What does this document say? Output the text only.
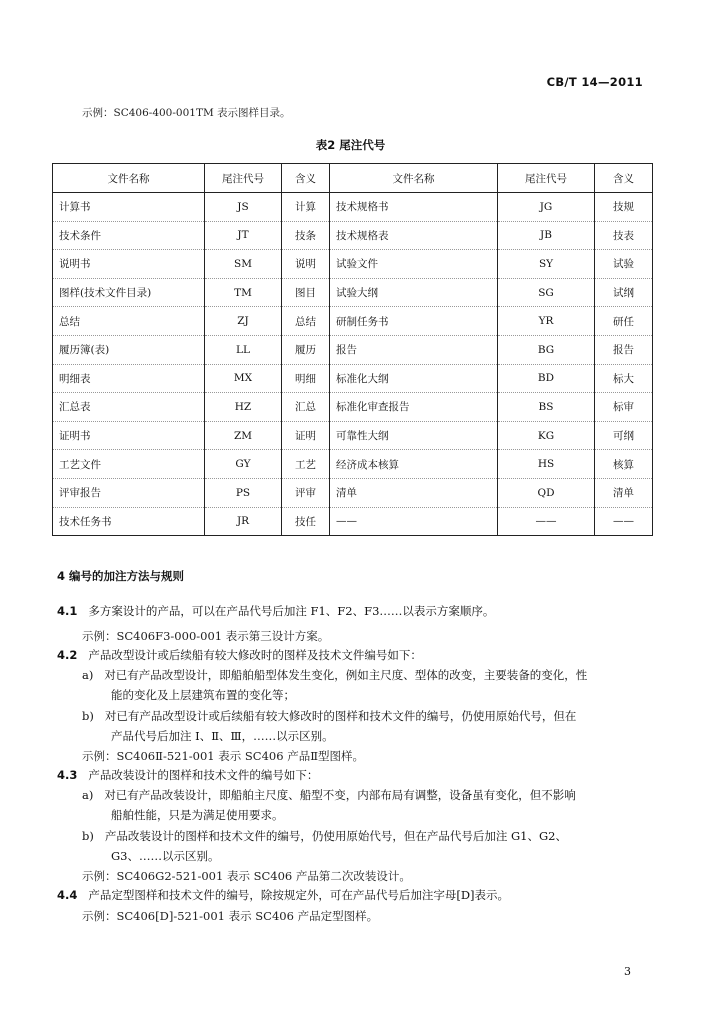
CB/T 14—2011
示例：SC406-400-001TM 表示图样目录。
表2 尾注代号
文件名称	尾注代号	含义	文件名称	尾注代号	含义
计算书	JS	计算	技术规格书	JG	技规
技术条件	JT	技条	技术规格表	JB	技表
说明书	SM	说明	试验文件	SY	试验
图样(技术文件目录)	TM	图目	试验大纲	SG	试纲
总结	ZJ	总结	研制任务书	YR	研任
履历簿(表)	LL	履历	报告	BG	报告
明细表	MX	明细	标准化大纲	BD	标大
汇总表	HZ	汇总	标准化审查报告	BS	标审
证明书	ZM	证明	可靠性大纲	KG	可纲
工艺文件	GY	工艺	经济成本核算	HS	核算
评审报告	PS	评审	清单	QD	清单
技术任务书	JR	技任	——	——	——
4 编号的加注方法与规则
4.1 多方案设计的产品，可以在产品代号后加注 F1、F2、F3……以表示方案顺序。
示例：SC406F3-000-001 表示第三设计方案。
4.2 产品改型设计或后续船有较大修改时的图样及技术文件编号如下：
a) 对已有产品改型设计，即船舶船型体发生变化，例如主尺度、型体的改变，主要装备的变化，性
能的变化及上层建筑布置的变化等；
b) 对已有产品改型设计或后续船有较大修改时的图样和技术文件的编号，仍使用原始代号，但在
产品代号后加注 Ⅰ、Ⅱ、Ⅲ，……以示区别。
示例：SC406Ⅱ-521-001 表示 SC406 产品Ⅱ型图样。
4.3 产品改装设计的图样和技术文件的编号如下：
a) 对已有产品改装设计，即船舶主尺度、船型不变，内部布局有调整，设备虽有变化，但不影响
船舶性能，只是为满足使用要求。
b) 产品改装设计的图样和技术文件的编号，仍使用原始代号，但在产品代号后加注 G1、G2、
G3、……以示区别。
示例：SC406G2-521-001 表示 SC406 产品第二次改装设计。
4.4 产品定型图样和技术文件的编号，除按规定外，可在产品代号后加注字母[D]表示。
示例：SC406[D]-521-001 表示 SC406 产品定型图样。
3
